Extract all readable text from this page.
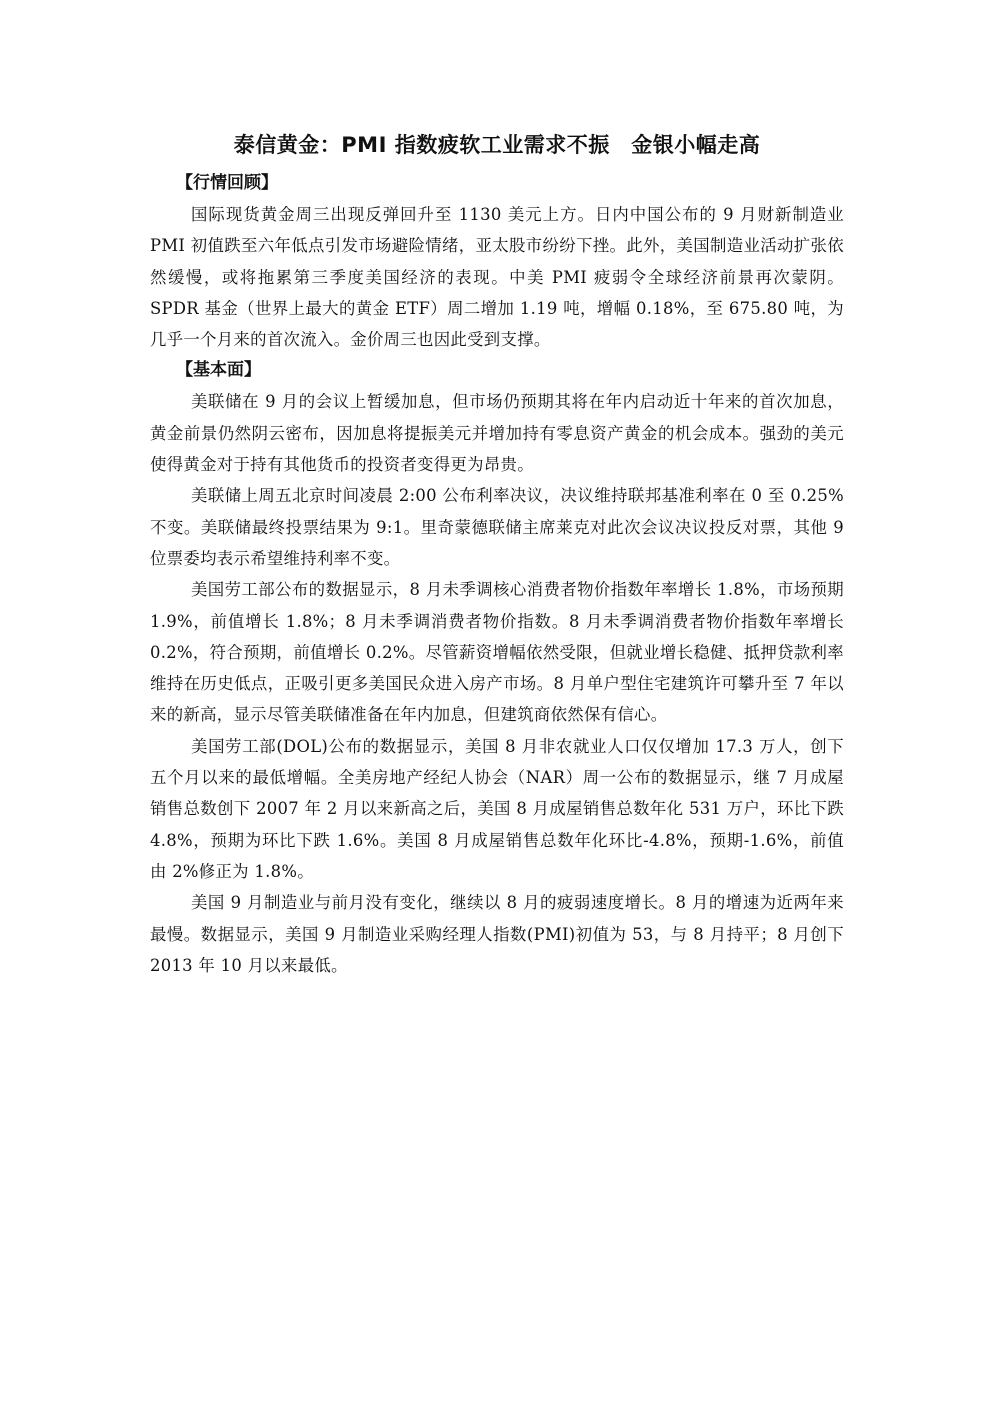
泰信黄金：PMI 指数疲软工业需求不振　金银小幅走高
【行情回顾】

国际现货黄金周三出现反弹回升至 1130 美元上方。日内中国公布的 9 月财新制造业 PMI 初值跌至六年低点引发市场避险情绪，亚太股市纷纷下挫。此外，美国制造业活动扩张依然缓慢，或将拖累第三季度美国经济的表现。中美 PMI 疲弱令全球经济前景再次蒙阴。SPDR 基金（世界上最大的黄金 ETF）周二增加 1.19 吨，增幅 0.18%，至 675.80 吨，为几乎一个月来的首次流入。金价周三也因此受到支撑。

【基本面】

美联储在 9 月的会议上暂缓加息，但市场仍预期其将在年内启动近十年来的首次加息，黄金前景仍然阴云密布，因加息将提振美元并增加持有零息资产黄金的机会成本。强劲的美元使得黄金对于持有其他货币的投资者变得更为昂贵。

美联储上周五北京时间凌晨 2:00 公布利率决议，决议维持联邦基准利率在 0 至 0.25%不变。美联储最终投票结果为 9:1。里奇蒙德联储主席莱克对此次会议决议投反对票，其他 9 位票委均表示希望维持利率不变。

美国劳工部公布的数据显示，8 月未季调核心消费者物价指数年率增长 1.8%，市场预期 1.9%，前值增长 1.8%；8 月未季调消费者物价指数。8 月未季调消费者物价指数年率增长 0.2%，符合预期，前值增长 0.2%。尽管薪资增幅依然受限，但就业增长稳健、抵押贷款利率维持在历史低点，正吸引更多美国民众进入房产市场。8 月单户型住宅建筑许可攀升至 7 年以来的新高，显示尽管美联储准备在年内加息，但建筑商依然保有信心。

美国劳工部(DOL)公布的数据显示，美国 8 月非农就业人口仅仅增加 17.3 万人，创下五个月以来的最低增幅。全美房地产经纪人协会（NAR）周一公布的数据显示，继 7 月成屋销售总数创下 2007 年 2 月以来新高之后，美国 8 月成屋销售总数年化 531 万户，环比下跌 4.8%，预期为环比下跌 1.6%。美国 8 月成屋销售总数年化环比-4.8%，预期-1.6%，前值由 2%修正为 1.8%。

美国 9 月制造业与前月没有变化，继续以 8 月的疲弱速度增长。8 月的增速为近两年来最慢。数据显示，美国 9 月制造业采购经理人指数(PMI)初值为 53，与 8 月持平；8 月创下 2013 年 10 月以来最低。
